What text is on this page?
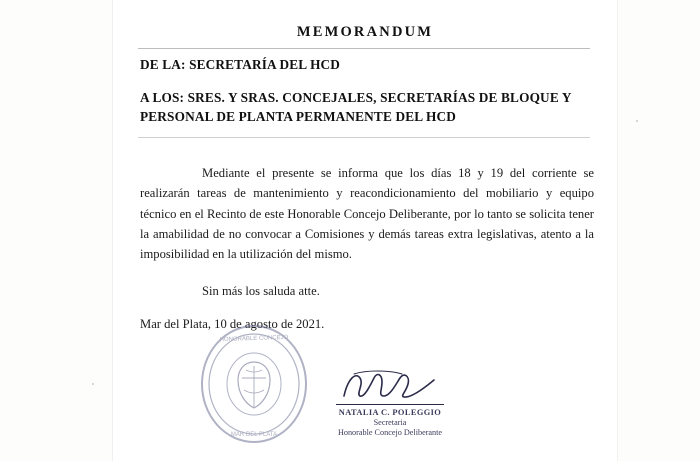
MEMORANDUM
DE LA: SECRETARÍA DEL HCD
A LOS: SRES. Y SRAS. CONCEJALES, SECRETARÍAS DE BLOQUE Y
PERSONAL DE PLANTA PERMANENTE DEL HCD

Mediante el presente se informa que los días 18 y 19 del corriente se realizarán tareas de mantenimiento y reacondicionamiento del mobiliario y equipo técnico en el Recinto de este Honorable Concejo Deliberante, por lo tanto se solicita tener la amabilidad de no convocar a Comisiones y demás tareas extra legislativas, atento a la imposibilidad en la utilización del mismo.

Sin más los saluda atte.

Mar del Plata, 10 de agosto de 2021.
HONORABLE CONCEJO
MAR DEL PLATA
NATALIA C. POLEGGIO
Secretaria
Honorable Concejo Deliberante
